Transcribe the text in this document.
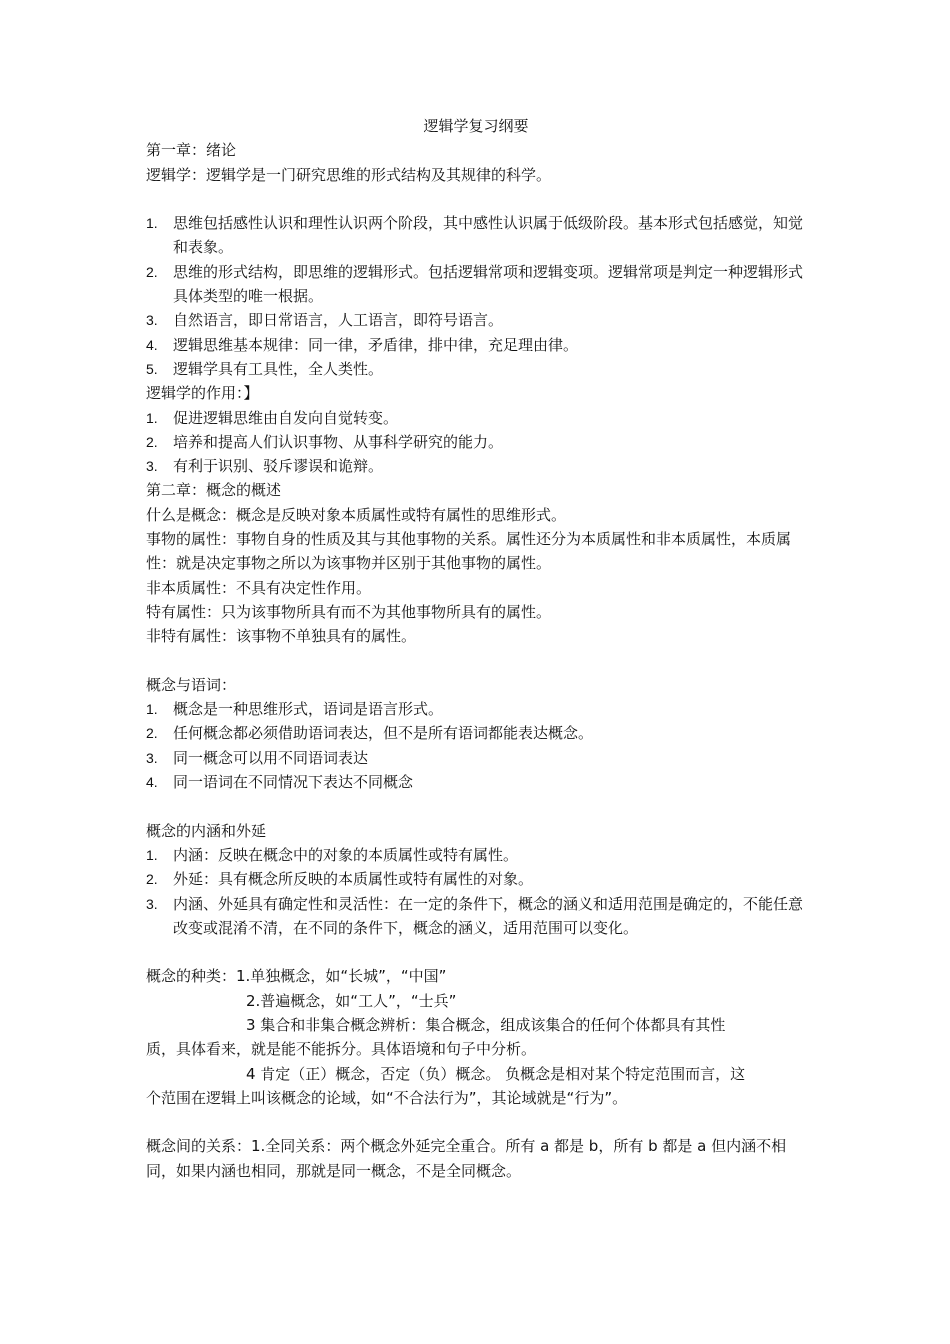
逻辑学复习纲要

第一章：绪论

逻辑学：逻辑学是一门研究思维的形式结构及其规律的科学。

1. 思维包括感性认识和理性认识两个阶段，其中感性认识属于低级阶段。基本形式包括感觉，知觉和表象。
2. 思维的形式结构，即思维的逻辑形式。包括逻辑常项和逻辑变项。逻辑常项是判定一种逻辑形式具体类型的唯一根据。
3. 自然语言，即日常语言，人工语言，即符号语言。
4. 逻辑思维基本规律：同一律，矛盾律，排中律，充足理由律。
5. 逻辑学具有工具性，全人类性。

逻辑学的作用：】

1. 促进逻辑思维由自发向自觉转变。
2. 培养和提高人们认识事物、从事科学研究的能力。
3. 有利于识别、驳斥谬误和诡辩。

第二章：概念的概述

什么是概念：概念是反映对象本质属性或特有属性的思维形式。

事物的属性：事物自身的性质及其与其他事物的关系。属性还分为本质属性和非本质属性，本质属性：就是决定事物之所以为该事物并区别于其他事物的属性。

非本质属性：不具有决定性作用。

特有属性：只为该事物所具有而不为其他事物所具有的属性。

非特有属性：该事物不单独具有的属性。

概念与语词：

1. 概念是一种思维形式，语词是语言形式。
2. 任何概念都必须借助语词表达，但不是所有语词都能表达概念。
3. 同一概念可以用不同语词表达
4. 同一语词在不同情况下表达不同概念

概念的内涵和外延

1. 内涵：反映在概念中的对象的本质属性或特有属性。
2. 外延：具有概念所反映的本质属性或特有属性的对象。
3. 内涵、外延具有确定性和灵活性：在一定的条件下，概念的涵义和适用范围是确定的，不能任意改变或混淆不清，在不同的条件下，概念的涵义，适用范围可以变化。

概念的种类：1.单独概念，如“长城”，“中国”

2.普遍概念，如“工人”，“士兵”

3 集合和非集合概念辨析：集合概念，组成该集合的任何个体都具有其性

质，具体看来，就是能不能拆分。具体语境和句子中分析。

4 肯定（正）概念，否定（负）概念。 负概念是相对某个特定范围而言，这

个范围在逻辑上叫该概念的论域，如“不合法行为”，其论域就是“行为”。

概念间的关系：1.全同关系：两个概念外延完全重合。所有 a 都是 b，所有 b 都是 a 但内涵不相同，如果内涵也相同，那就是同一概念，不是全同概念。
